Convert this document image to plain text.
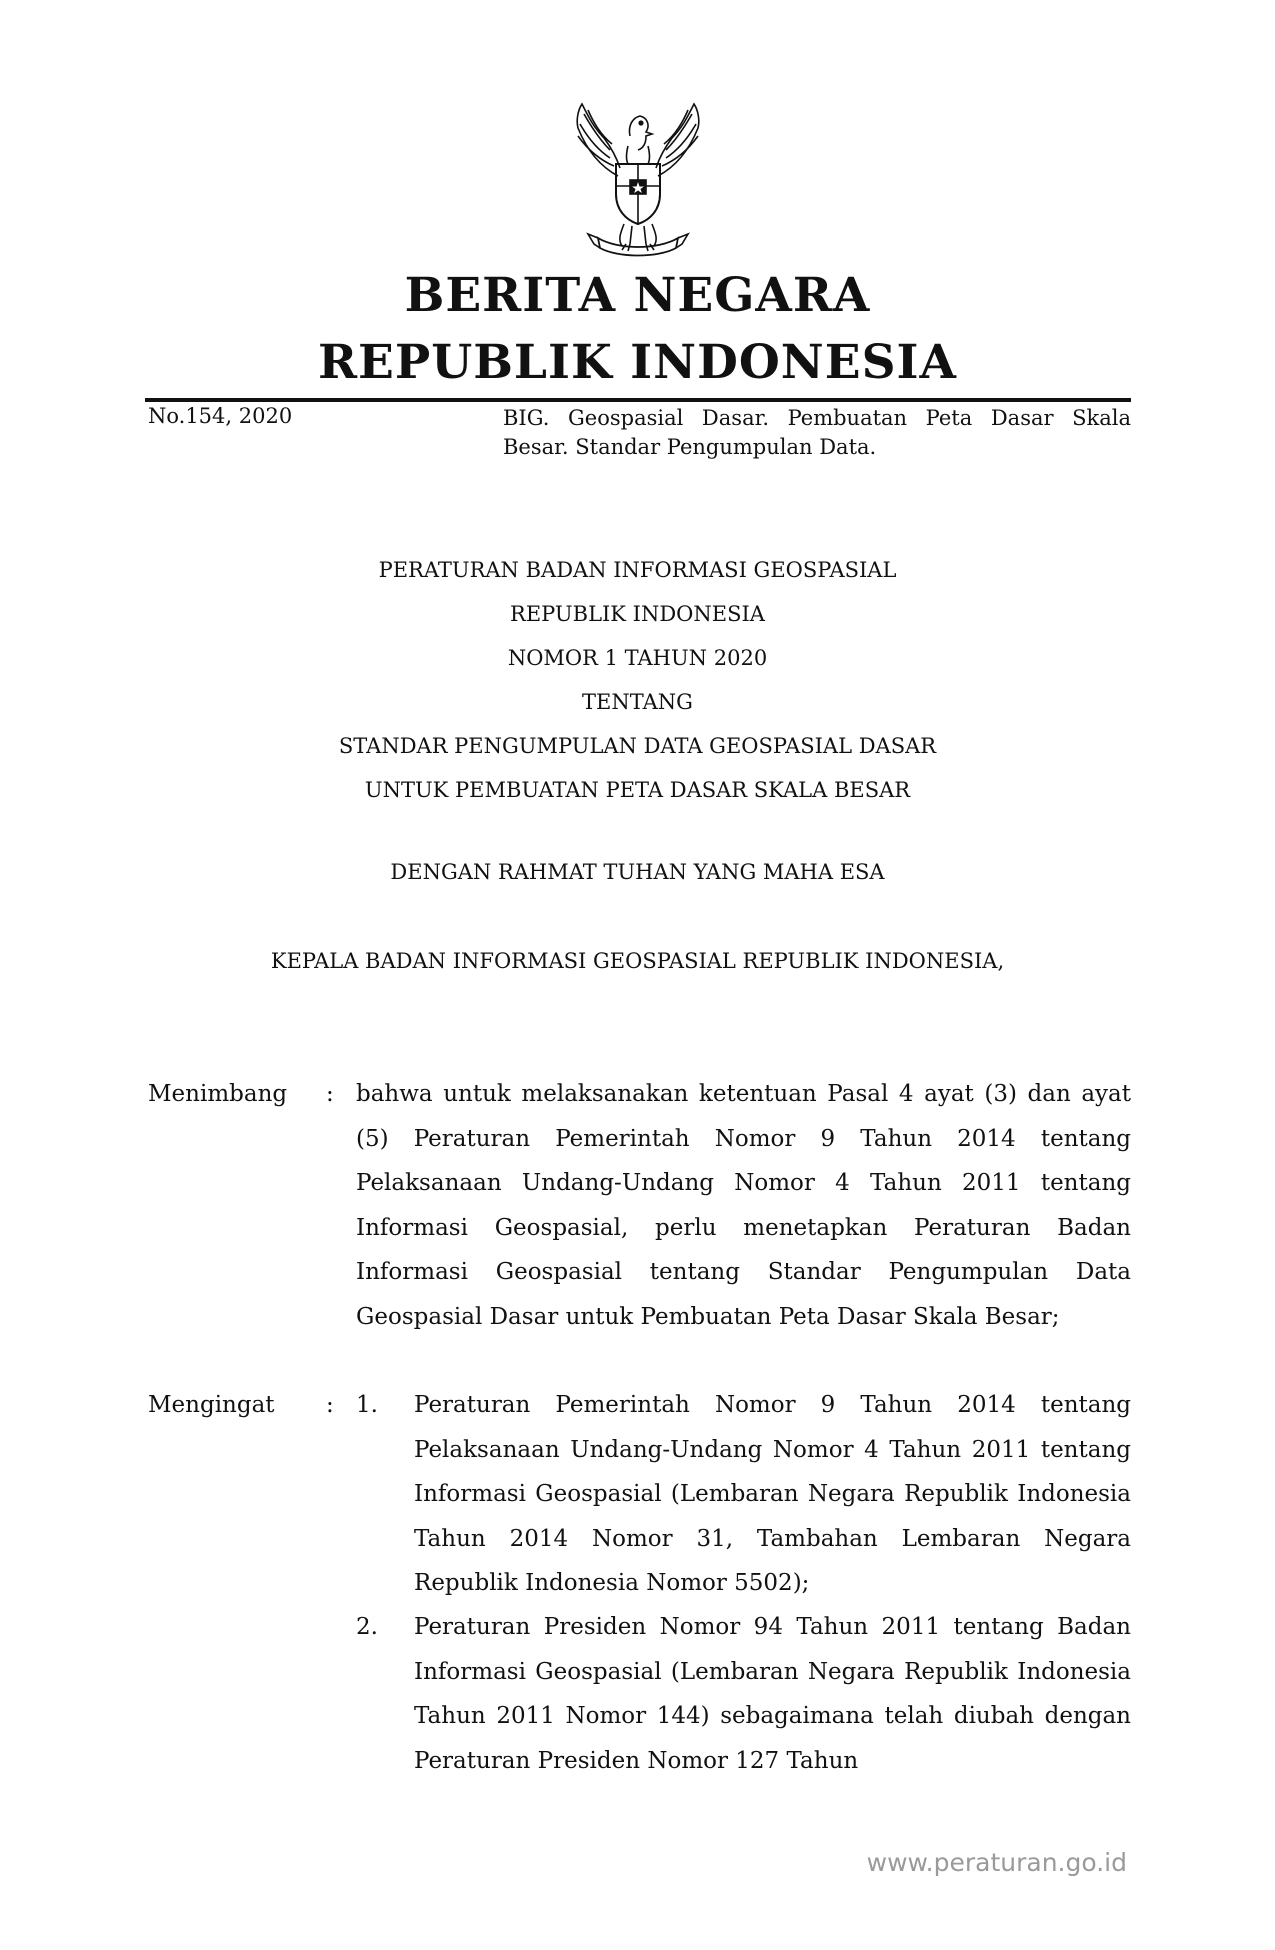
BERITA NEGARA
REPUBLIK INDONESIA
No.154, 2020	BIG. Geospasial Dasar. Pembuatan Peta Dasar Skala Besar. Standar Pengumpulan Data.
PERATURAN BADAN INFORMASI GEOSPASIAL
REPUBLIK INDONESIA
NOMOR 1 TAHUN 2020
TENTANG
STANDAR PENGUMPULAN DATA GEOSPASIAL DASAR
UNTUK PEMBUATAN PETA DASAR SKALA BESAR
DENGAN RAHMAT TUHAN YANG MAHA ESA
KEPALA BADAN INFORMASI GEOSPASIAL REPUBLIK INDONESIA,
Menimbang : bahwa untuk melaksanakan ketentuan Pasal 4 ayat (3) dan ayat (5) Peraturan Pemerintah Nomor 9 Tahun 2014 tentang Pelaksanaan Undang-Undang Nomor 4 Tahun 2011 tentang Informasi Geospasial, perlu menetapkan Peraturan Badan Informasi Geospasial tentang Standar Pengumpulan Data Geospasial Dasar untuk Pembuatan Peta Dasar Skala Besar;
Mengingat : 1. Peraturan Pemerintah Nomor 9 Tahun 2014 tentang Pelaksanaan Undang-Undang Nomor 4 Tahun 2011 tentang Informasi Geospasial (Lembaran Negara Republik Indonesia Tahun 2014 Nomor 31, Tambahan Lembaran Negara Republik Indonesia Nomor 5502);
2. Peraturan Presiden Nomor 94 Tahun 2011 tentang Badan Informasi Geospasial (Lembaran Negara Republik Indonesia Tahun 2011 Nomor 144) sebagaimana telah diubah dengan Peraturan Presiden Nomor 127 Tahun
www.peraturan.go.id
